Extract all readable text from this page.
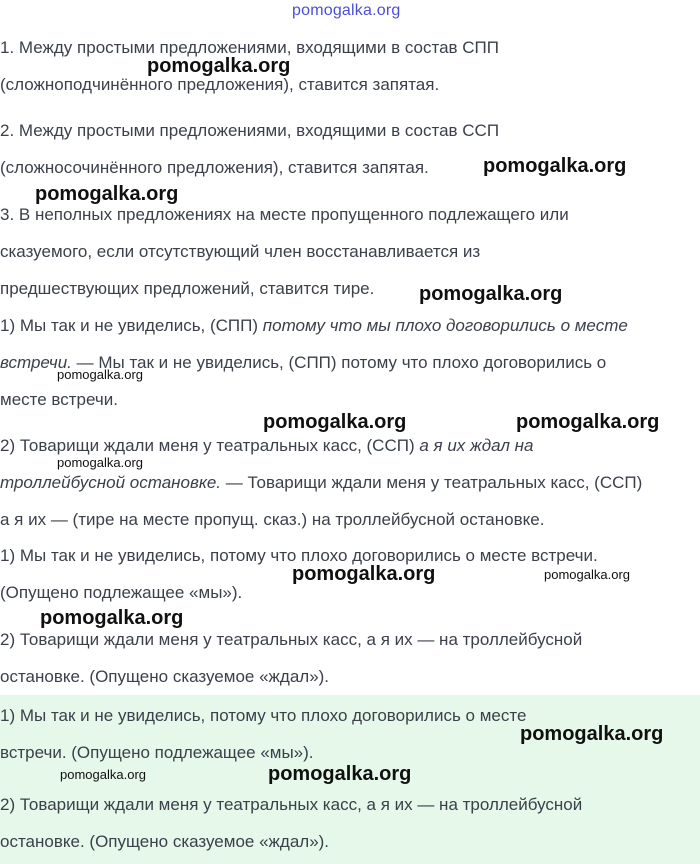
pomogalka.org

1. Между простыми предложениями, входящими в состав СПП

(сложноподчинённого предложения), ставится запятая.

2. Между простыми предложениями, входящими в состав ССП

(сложносочинённого предложения), ставится запятая.

3. В неполных предложениях на месте пропущенного подлежащего или

сказуемого, если отсутствующий член восстанавливается из

предшествующих предложений, ставится тире.

1) Мы так и не увиделись, (СПП) потому что мы плохо договорились о месте

встречи. — Мы так и не увиделись, (СПП) потому что плохо договорились о

месте встречи.

2) Товарищи ждали меня у театральных касс, (ССП) а я их ждал на

троллейбусной остановке. — Товарищи ждали меня у театральных касс, (ССП)

а я их — (тире на месте пропущ. сказ.) на троллейбусной остановке.

1) Мы так и не увиделись, потому что плохо договорились о месте встречи.

(Опущено подлежащее «мы»).

2) Товарищи ждали меня у театральных касс, а я их — на троллейбусной

остановке. (Опущено сказуемое «ждал»).

1) Мы так и не увиделись, потому что плохо договорились о месте

встречи. (Опущено подлежащее «мы»).

2) Товарищи ждали меня у театральных касс, а я их — на троллейбусной

остановке. (Опущено сказуемое «ждал»).

pomogalka.org
pomogalka.org
pomogalka.org
pomogalka.org
pomogalka.org
pomogalka.org	pomogalka.org
pomogalka.org
pomogalka.org	pomogalka.org
pomogalka.org
pomogalka.org
pomogalka.org	pomogalka.org
